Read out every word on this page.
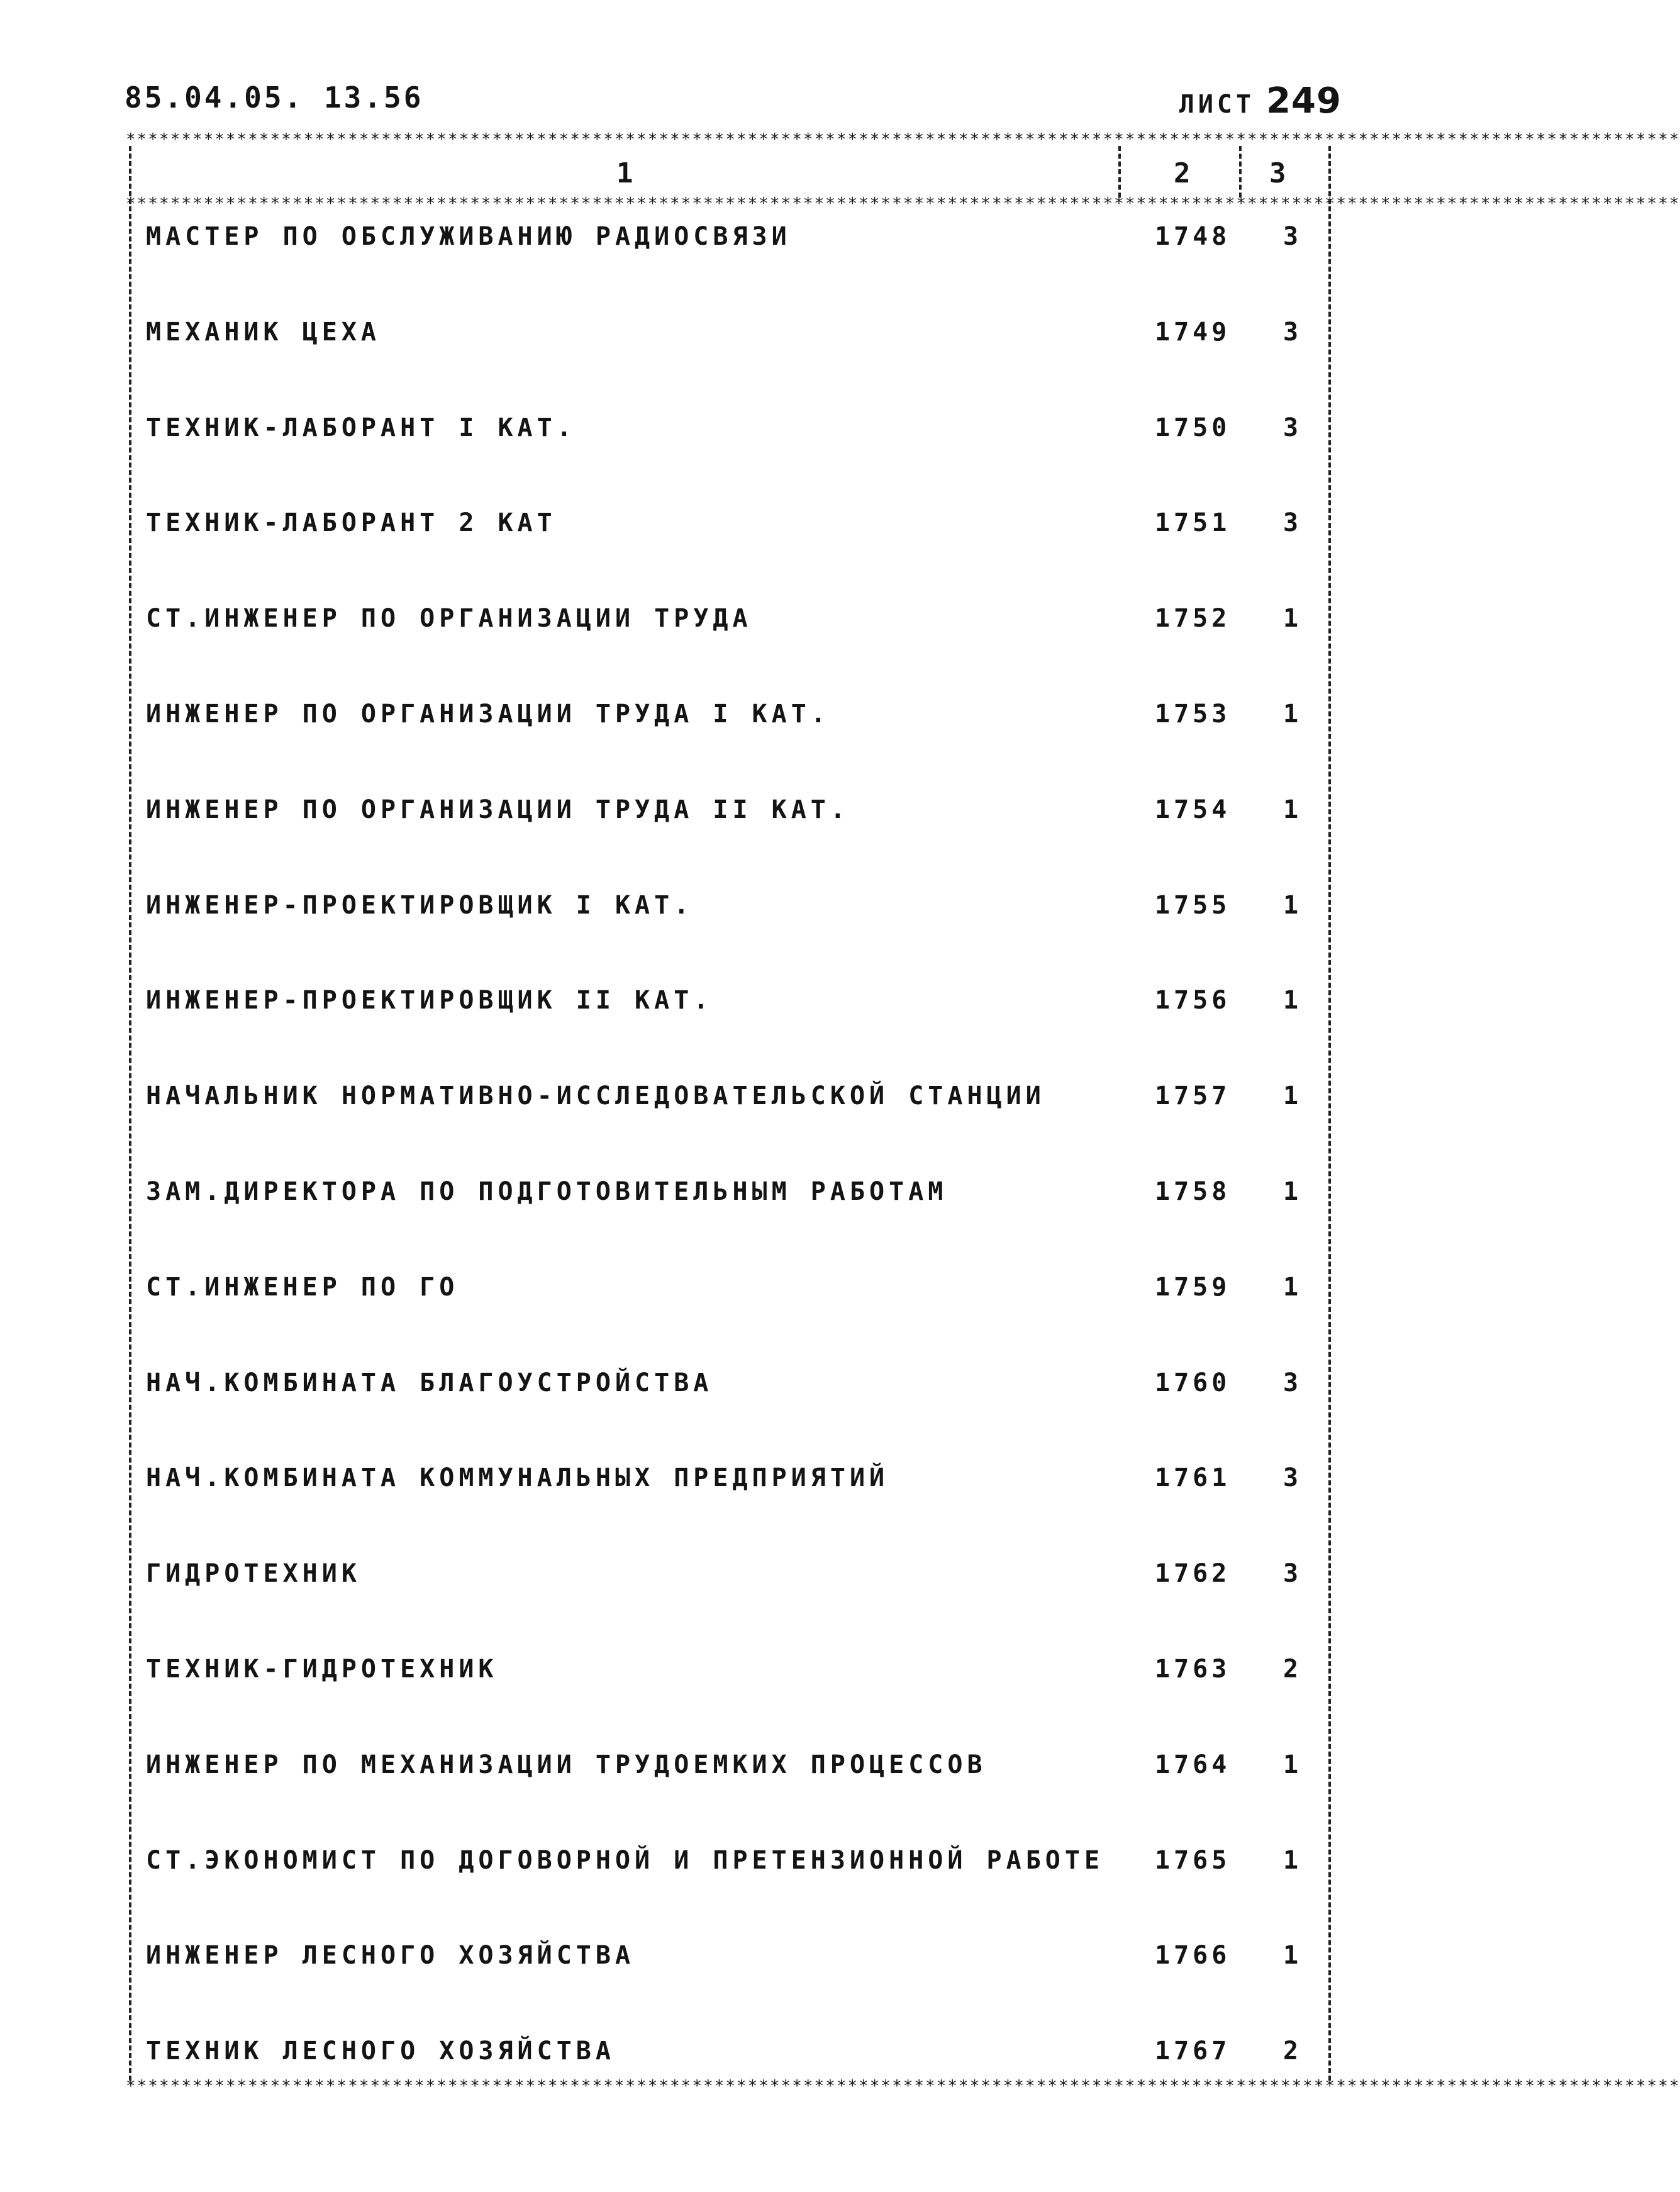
85.04.05. 13.56	ЛИСТ 249
********************************************************************************************************************************************
********************************************************************************************************************************************
********************************************************************************************************************************************
1	2	3
МАСТЕР ПО ОБСЛУЖИВАНИЮ РАДИОСВЯЗИ	1748 3
МЕХАНИК ЦЕХА	1749 3
ТЕХНИК-ЛАБОРАНТ I КАТ.	1750 3
ТЕХНИК-ЛАБОРАНТ 2 КАТ	1751 3
СТ.ИНЖЕНЕР ПО ОРГАНИЗАЦИИ ТРУДА	1752 1
ИНЖЕНЕР ПО ОРГАНИЗАЦИИ ТРУДА I КАТ.	1753 1
ИНЖЕНЕР ПО ОРГАНИЗАЦИИ ТРУДА II КАТ.	1754 1
ИНЖЕНЕР-ПРОЕКТИРОВЩИК I КАТ.	1755 1
ИНЖЕНЕР-ПРОЕКТИРОВЩИК II КАТ.	1756 1
НАЧАЛЬНИК НОРМАТИВНО-ИССЛЕДОВАТЕЛЬСКОЙ СТАНЦИИ	1757 1
ЗАМ.ДИРЕКТОРА ПО ПОДГОТОВИТЕЛЬНЫМ РАБОТАМ	1758 1
СТ.ИНЖЕНЕР ПО ГО	1759 1
НАЧ.КОМБИНАТА БЛАГОУСТРОЙСТВА	1760 3
НАЧ.КОМБИНАТА КОММУНАЛЬНЫХ ПРЕДПРИЯТИЙ	1761 3
ГИДРОТЕХНИК	1762 3
ТЕХНИК-ГИДРОТЕХНИК	1763 2
ИНЖЕНЕР ПО МЕХАНИЗАЦИИ ТРУДОЕМКИХ ПРОЦЕССОВ	1764 1
СТ.ЭКОНОМИСТ ПО ДОГОВОРНОЙ И ПРЕТЕНЗИОННОЙ РАБОТЕ 1765 1
ИНЖЕНЕР ЛЕСНОГО ХОЗЯЙСТВА	1766 1
ТЕХНИК ЛЕСНОГО ХОЗЯЙСТВА	1767 2
